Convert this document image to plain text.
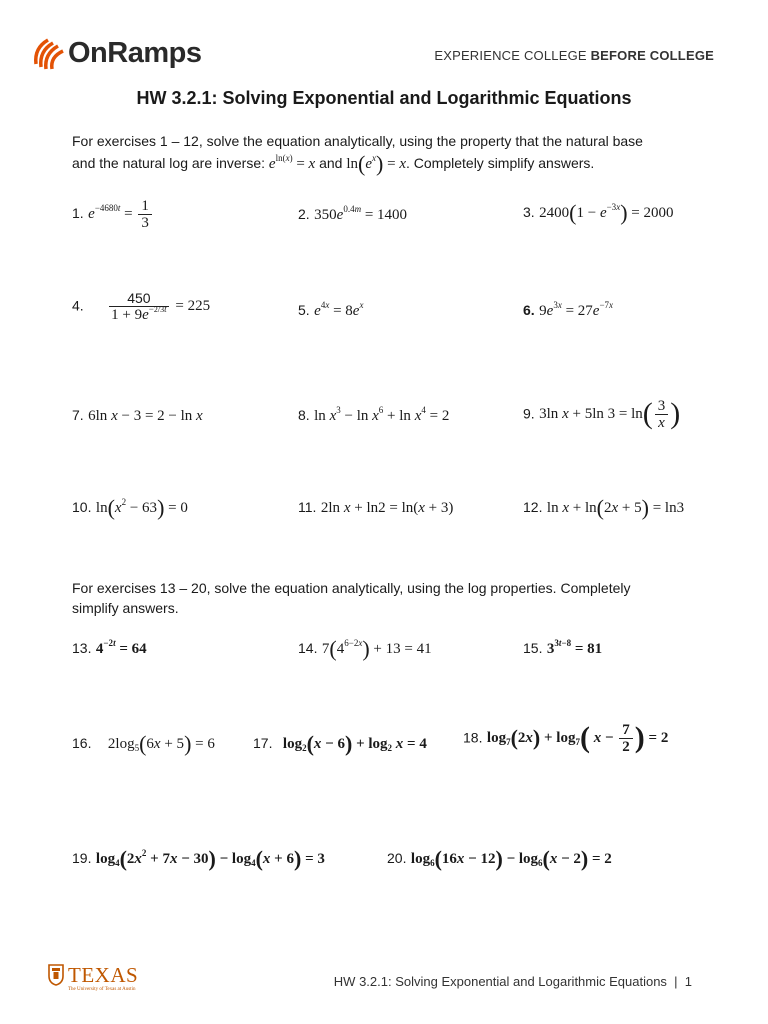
OnRamps	EXPERIENCE COLLEGE BEFORE COLLEGE
HW 3.2.1: Solving Exponential and Logarithmic Equations
For exercises 1 – 12, solve the equation analytically, using the property that the natural base
and the natural log are inverse: $e^{ln(x)} = x$ and $\ln(e^x) = x$. Completely simplify answers.
1. $e^{-4680t} = \frac{1}{3}$	2. $350e^{0.4m} = 1400$	3. $2400(1 - e^{-3x}) = 2000$
4. $\frac{450}{1 + 9e^{-2/3t}} = 225$	5. $e^{4x} = 8e^x$	6. $9e^{3x} = 27e^{-7x}$
7. 6ln x − 3 = 2 − ln x	8. $\ln x^3 - \ln x^6 + \ln x^4 = 2$	9. 3ln x + 5ln $3 = \ln( \frac{3}{x}$ )
10. $\ln(x^2 - 63) = 0$	11. 2ln x + ln2 = ln(x + 3)	12. ln x + ln(2x + 5) = ln3
For exercises 13 – 20, solve the equation analytically, using the log properties. Completely
simplify answers.
13. $4^{-2t} = 64$	14. $7(4^{6-2x}) + 13 = 41$	15. $3^{3t-8} = 81$
16. $2\log_5(6x + 5) = 6$	17. $\log_2(x - 6) + \log_2 x = 4$	18. $\log_7(2x) + \log_7$( $x - \frac{7}{2}$ ) = 2
19. $\log_4(2x^2 + 7x - 30) - \log_4(x + 6) = 3$	20. $\log_6(16x - 12) - \log_6(x - 2) = 2$
TEXAS
The University of Texas at Austin
HW 3.2.1: Solving Exponential and Logarithmic Equations  |  1
